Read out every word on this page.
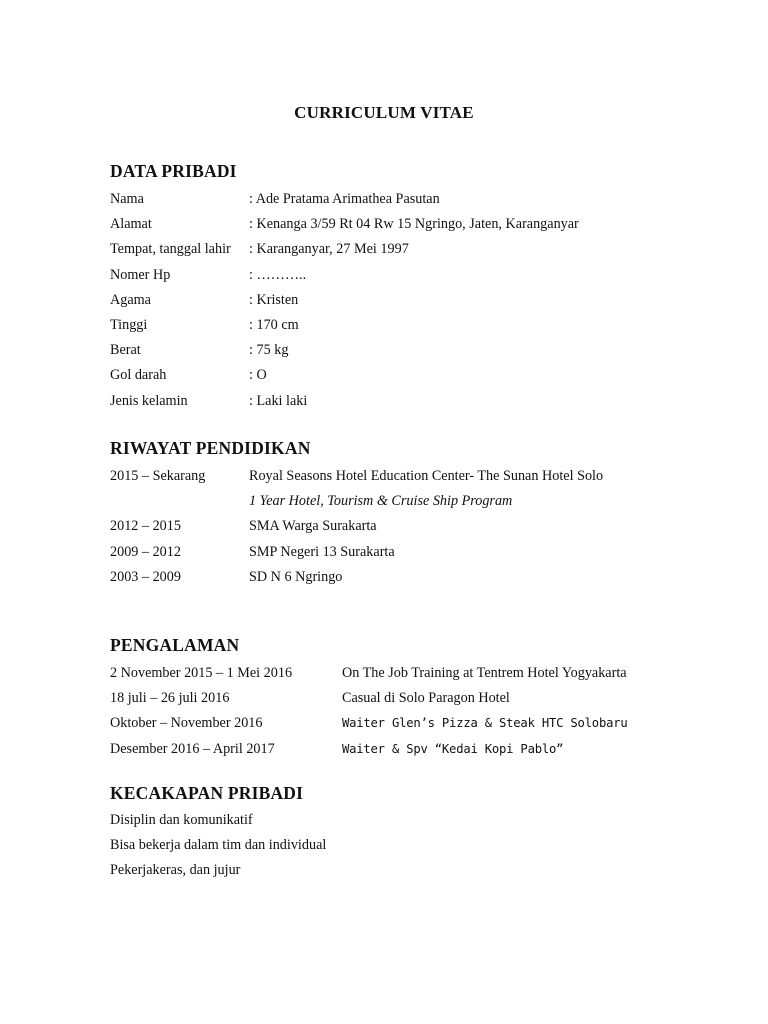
CURRICULUM VITAE
DATA PRIBADI
Nama	: Ade Pratama Arimathea Pasutan
Alamat	: Kenanga 3/59 Rt 04 Rw 15 Ngringo, Jaten, Karanganyar
Tempat, tanggal lahir : Karanganyar, 27 Mei 1997
Nomer Hp	: ………..
Agama	: Kristen
Tinggi	: 170 cm
Berat	: 75 kg
Gol darah	: O
Jenis kelamin	: Laki laki
RIWAYAT PENDIDIKAN
2015 – Sekarang	Royal Seasons Hotel Education Center- The Sunan Hotel Solo
1 Year Hotel, Tourism & Cruise Ship Program
2012 – 2015	SMA Warga Surakarta
2009 – 2012	SMP Negeri 13 Surakarta
2003 – 2009	SD N 6 Ngringo
PENGALAMAN
2 November 2015 – 1 Mei 2016	On The Job Training at Tentrem Hotel Yogyakarta
18 juli – 26 juli 2016	Casual di Solo Paragon Hotel
Oktober – November 2016	Waiter Glen’s Pizza & Steak HTC Solobaru
Desember 2016 – April 2017	Waiter & Spv “Kedai Kopi Pablo”
KECAKAPAN PRIBADI
Disiplin dan komunikatif
Bisa bekerja dalam tim dan individual
Pekerjakeras, dan jujur
